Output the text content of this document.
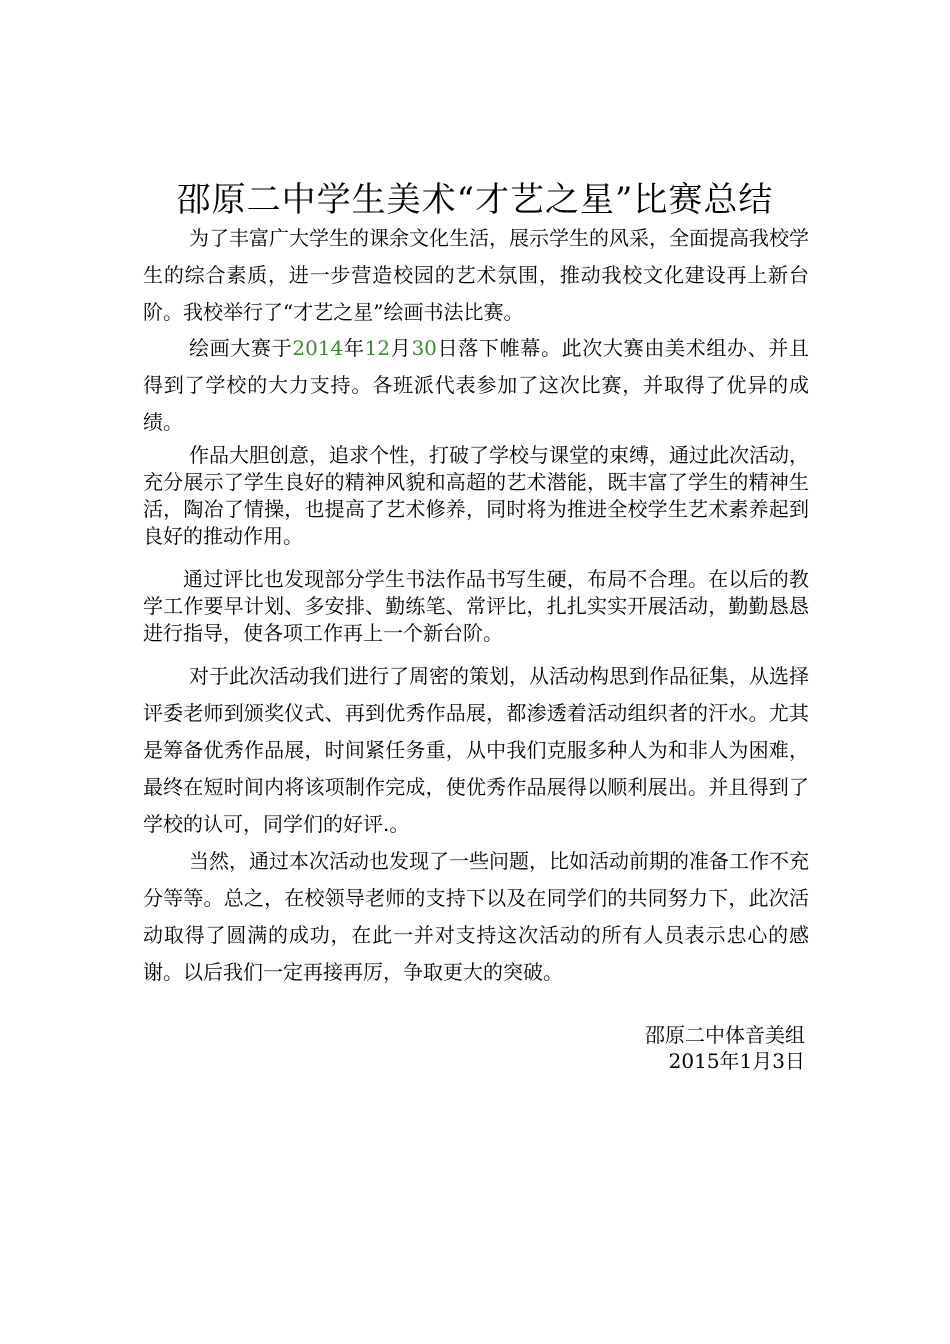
邵原二中学生美术“才艺之星”比赛总结

为了丰富广大学生的课余文化生活，展示学生的风采，全面提高我校学生的综合素质，进一步营造校园的艺术氛围，推动我校文化建设再上新台阶。我校举行了“才艺之星”绘画书法比赛。

绘画大赛于2014年12月30日落下帷幕。此次大赛由美术组办、并且得到了学校的大力支持。各班派代表参加了这次比赛，并取得了优异的成绩。

作品大胆创意，追求个性，打破了学校与课堂的束缚，通过此次活动，充分展示了学生良好的精神风貌和高超的艺术潜能，既丰富了学生的精神生活，陶冶了情操，也提高了艺术修养，同时将为推进全校学生艺术素养起到良好的推动作用。

通过评比也发现部分学生书法作品书写生硬，布局不合理。在以后的教学工作要早计划、多安排、勤练笔、常评比，扎扎实实开展活动，勤勤恳恳进行指导，使各项工作再上一个新台阶。

对于此次活动我们进行了周密的策划，从活动构思到作品征集，从选择评委老师到颁奖仪式、再到优秀作品展，都渗透着活动组织者的汗水。尤其是筹备优秀作品展，时间紧任务重，从中我们克服多种人为和非人为困难，最终在短时间内将该项制作完成，使优秀作品展得以顺利展出。并且得到了学校的认可，同学们的好评.。

当然，通过本次活动也发现了一些问题，比如活动前期的准备工作不充分等等。总之，在校领导老师的支持下以及在同学们的共同努力下，此次活动取得了圆满的成功，在此一并对支持这次活动的所有人员表示忠心的感谢。以后我们一定再接再厉，争取更大的突破。

邵原二中体音美组
2015年1月3日
